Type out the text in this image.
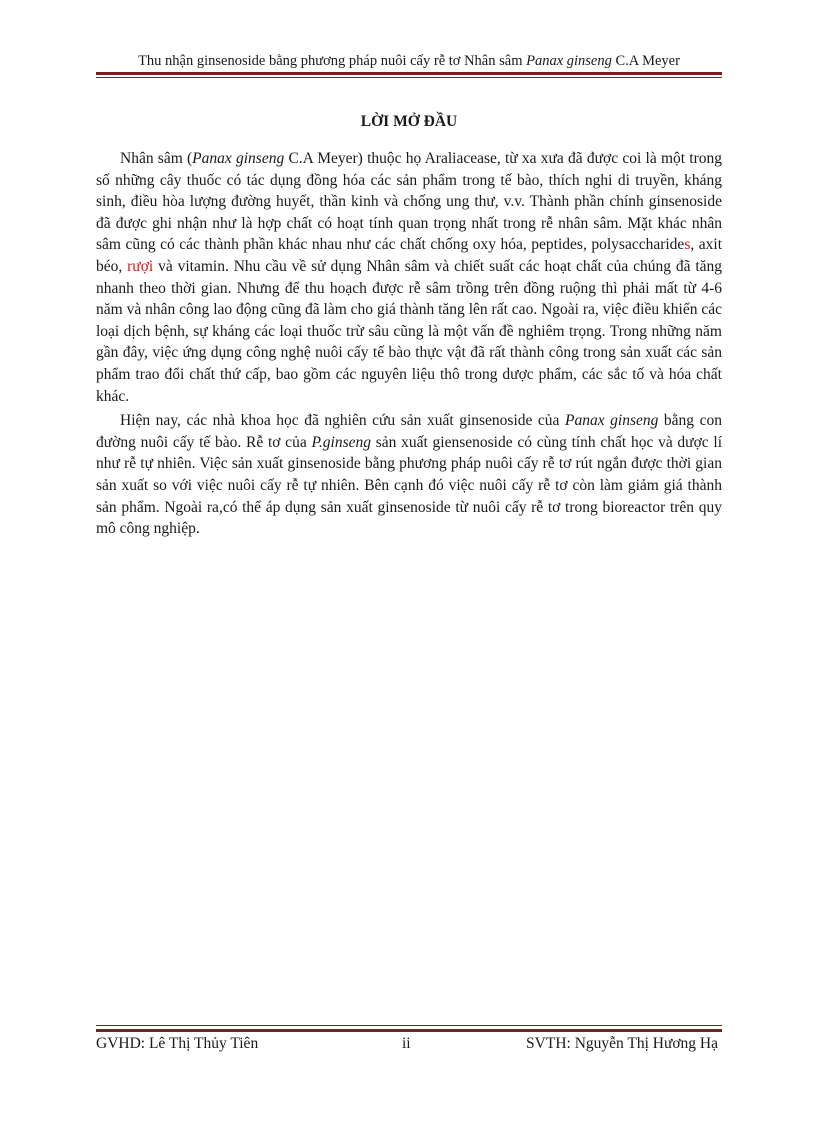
Thu nhận ginsenoside bằng phương pháp nuôi cấy rễ tơ Nhân sâm Panax ginseng C.A Meyer
LỜI MỞ ĐẦU

Nhân sâm (Panax ginseng C.A Meyer) thuộc họ Araliacease, từ xa xưa đã được coi là một trong số những cây thuốc có tác dụng đồng hóa các sản phẩm trong tế bào, thích nghi di truyền, kháng sinh, điều hòa lượng đường huyết, thần kinh và chống ung thư, v.v. Thành phần chính ginsenoside đã được ghi nhận như là hợp chất có hoạt tính quan trọng nhất trong rễ nhân sâm. Mặt khác nhân sâm cũng có các thành phần khác nhau như các chất chống oxy hóa, peptides, polysaccharides, axit béo, rượi và vitamin. Nhu cầu về sử dụng Nhân sâm và chiết suất các hoạt chất của chúng đã tăng nhanh theo thời gian. Nhưng để thu hoạch được rễ sâm trồng trên đồng ruộng thì phải mất từ 4-6 năm và nhân công lao động cũng đã làm cho giá thành tăng lên rất cao. Ngoài ra, việc điều khiển các loại dịch bệnh, sự kháng các loại thuốc trừ sâu cũng là một vấn đề nghiêm trọng. Trong những năm gần đây, việc ứng dụng công nghệ nuôi cấy tế bào thực vật đã rất thành công trong sản xuất các sản phẩm trao đổi chất thứ cấp, bao gồm các nguyên liệu thô trong dược phẩm, các sắc tố và hóa chất khác.

Hiện nay, các nhà khoa học đã nghiên cứu sản xuất ginsenoside của Panax ginseng bằng con đường nuôi cấy tế bào. Rễ tơ của P.ginseng sản xuất giensenoside có cùng tính chất học và dược lí như rễ tự nhiên. Việc sản xuất ginsenoside bằng phương pháp nuôi cấy rễ tơ rút ngắn được thời gian sản xuất so với việc nuôi cấy rễ tự nhiên. Bên cạnh đó việc nuôi cấy rễ tơ còn làm giảm giá thành sản phẩm. Ngoài ra,có thể áp dụng sản xuất ginsenoside từ nuôi cấy rễ tơ trong bioreactor trên quy mô công nghiệp.

GVHD: Lê Thị Thủy Tiên	ii	SVTH: Nguyễn Thị Hương Hạ
